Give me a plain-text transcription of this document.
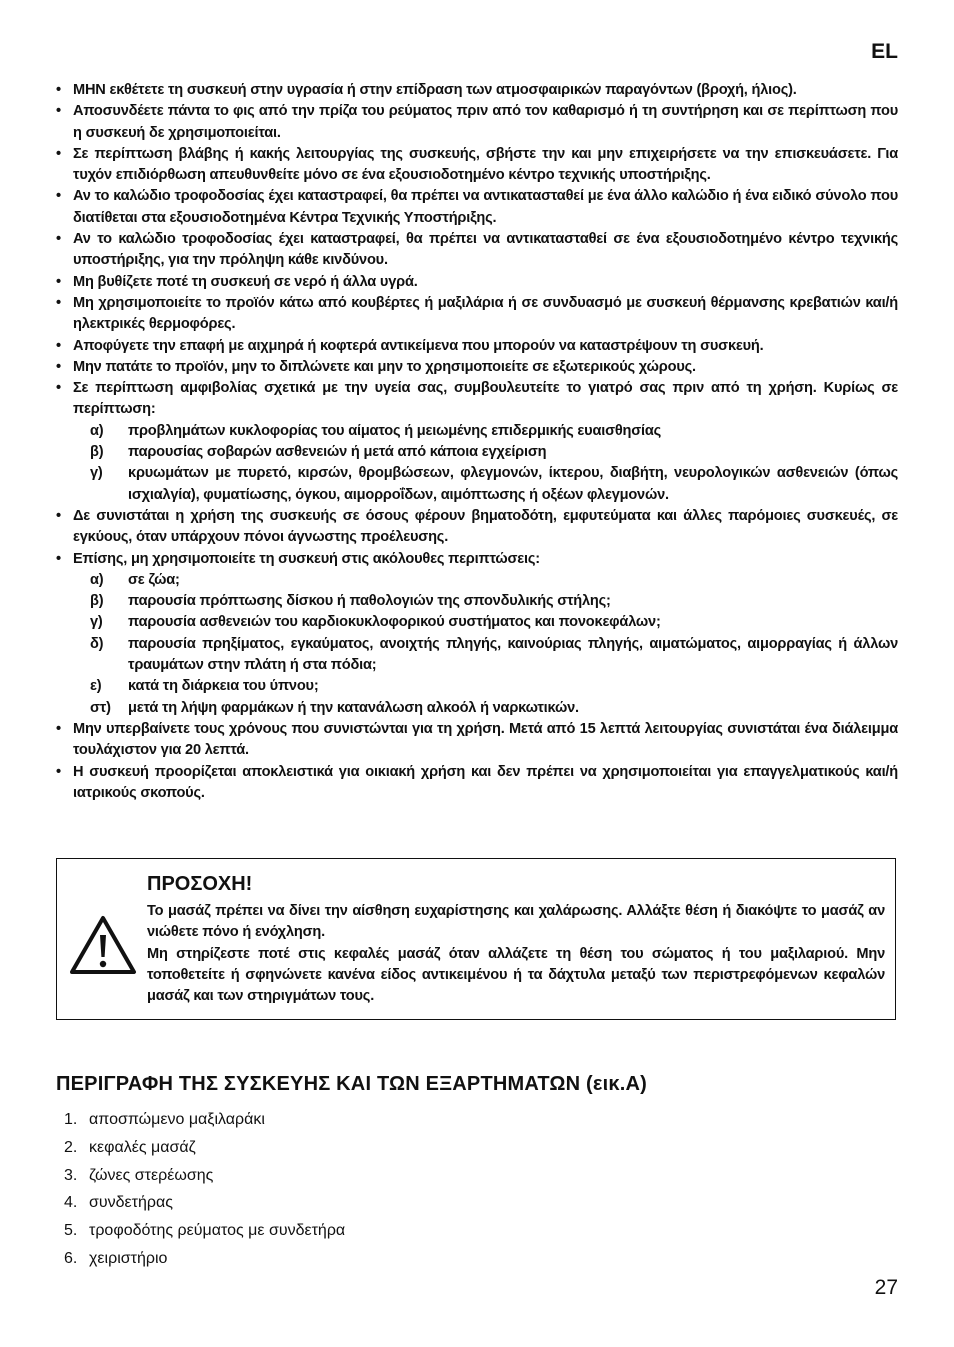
EL
• ΜΗΝ εκθέτετε τη συσκευή στην υγρασία ή στην επίδραση των ατμοσφαιρικών παραγόντων (βροχή, ήλιος).
• Αποσυνδέετε πάντα το φις από την πρίζα του ρεύματος πριν από τον καθαρισμό ή τη συντήρηση και σε περίπτωση που η συσκευή δε χρησιμοποιείται.
• Σε περίπτωση βλάβης ή κακής λειτουργίας της συσκευής, σβήστε την και μην επιχειρήσετε να την επισκευάσετε. Για τυχόν επιδιόρθωση απευθυνθείτε μόνο σε ένα εξουσιοδοτημένο κέντρο τεχνικής υποστήριξης.
• Αν το καλώδιο τροφοδοσίας έχει καταστραφεί, θα πρέπει να αντικατασταθεί με ένα άλλο καλώδιο ή ένα ειδικό σύνολο που διατίθεται στα εξουσιοδοτημένα Κέντρα Τεχνικής Υποστήριξης.
• Αν το καλώδιο τροφοδοσίας έχει καταστραφεί, θα πρέπει να αντικατασταθεί σε ένα εξουσιοδοτημένο κέντρο τεχνικής υποστήριξης, για την πρόληψη κάθε κινδύνου.
• Μη βυθίζετε ποτέ τη συσκευή σε νερό ή άλλα υγρά.
• Μη χρησιμοποιείτε το προϊόν κάτω από κουβέρτες ή μαξιλάρια ή σε συνδυασμό με συσκευή θέρμανσης κρεβατιών και/ή ηλεκτρικές θερμοφόρες.
• Αποφύγετε την επαφή με αιχμηρά ή κοφτερά αντικείμενα που μπορούν να καταστρέψουν τη συσκευή.
• Μην πατάτε το προϊόν, μην το διπλώνετε και μην το χρησιμοποιείτε σε εξωτερικούς χώρους.
• Σε περίπτωση αμφιβολίας σχετικά με την υγεία σας, συμβουλευτείτε το γιατρό σας πριν από τη χρήση. Κυρίως σε περίπτωση:
α) προβλημάτων κυκλοφορίας του αίματος ή μειωμένης επιδερμικής ευαισθησίας
β) παρουσίας σοβαρών ασθενειών ή μετά από κάποια εγχείριση
γ) κρυωμάτων με πυρετό, κιρσών, θρομβώσεων, φλεγμονών, ίκτερου, διαβήτη, νευρολογικών ασθενειών (όπως ισχιαλγία), φυματίωσης, όγκου, αιμορροΐδων, αιμόπτωσης ή οξέων φλεγμονών.
• Δε συνιστάται η χρήση της συσκευής σε όσους φέρουν βηματοδότη, εμφυτεύματα και άλλες παρόμοιες συσκευές, σε εγκύους, όταν υπάρχουν πόνοι άγνωστης προέλευσης.
• Επίσης, μη χρησιμοποιείτε τη συσκευή στις ακόλουθες περιπτώσεις:
α) σε ζώα;
β) παρουσία πρόπτωσης δίσκου ή παθολογιών της σπονδυλικής στήλης;
γ) παρουσία ασθενειών του καρδιοκυκλοφορικού συστήματος και πονοκεφάλων;
δ) παρουσία πρηξίματος, εγκαύματος, ανοιχτής πληγής, καινούριας πληγής, αιματώματος, αιμορραγίας ή άλλων τραυμάτων στην πλάτη ή στα πόδια;
ε) κατά τη διάρκεια του ύπνου;
στ) μετά τη λήψη φαρμάκων ή την κατανάλωση αλκοόλ ή ναρκωτικών.
• Μην υπερβαίνετε τους χρόνους που συνιστώνται για τη χρήση. Μετά από 15 λεπτά λειτουργίας συνιστάται ένα διάλειμμα τουλάχιστον για 20 λεπτά.
• Η συσκευή προορίζεται αποκλειστικά για οικιακή χρήση και δεν πρέπει να χρησιμοποιείται για επαγγελματικούς και/ή ιατρικούς σκοπούς.
ΠΡΟΣΟΧΗ!

Το μασάζ πρέπει να δίνει την αίσθηση ευχαρίστησης και χαλάρωσης. Αλλάξτε θέση ή διακόψτε το μασάζ αν νιώθετε πόνο ή ενόχληση.

Μη στηρίζεστε ποτέ στις κεφαλές μασάζ όταν αλλάζετε τη θέση του σώματος ή του μαξιλαριού. Μην τοποθετείτε ή σφηνώνετε κανένα είδος αντικειμένου ή τα δάχτυλα μεταξύ των περιστρεφόμενων κεφαλών μασάζ και των στηριγμάτων τους.

ΠΕΡΙΓΡΑΦΗ ΤΗΣ ΣΥΣΚΕΥΗΣ ΚΑΙ ΤΩΝ ΕΞΑΡΤΗΜΑΤΩΝ (εικ.A)
1. αποσπώμενο μαξιλαράκι
2. κεφαλές μασάζ
3. ζώνες στερέωσης
4. συνδετήρας
5. τροφοδότης ρεύματος με συνδετήρα
6. χειριστήριο
27
